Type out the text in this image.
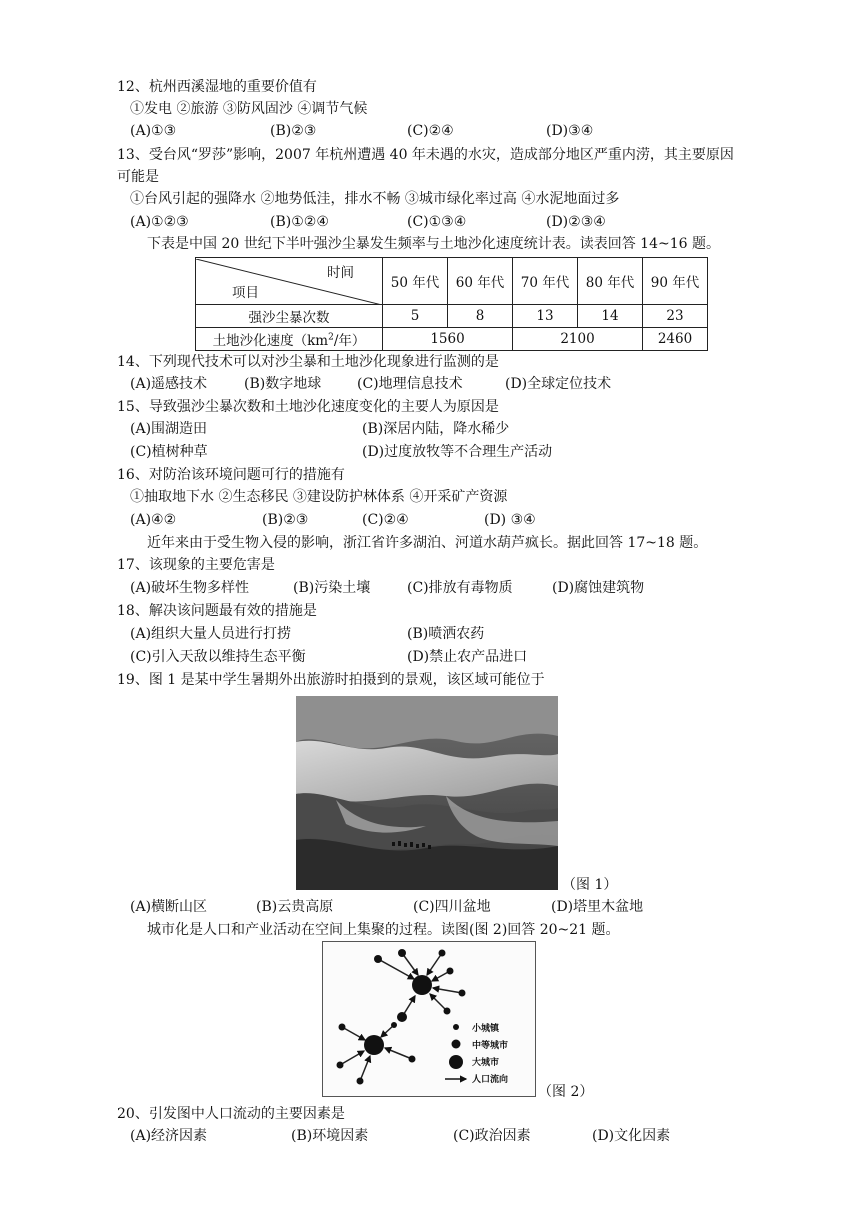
12、杭州西溪湿地的重要价值有
①发电 ②旅游 ③防风固沙 ④调节气候
(A)①③	(B)②③	(C)②④	(D)③④
13、受台风“罗莎”影响，2007 年杭州遭遇 40 年未遇的水灾，造成部分地区严重内涝，其主要原因
可能是
①台风引起的强降水 ②地势低洼，排水不畅 ③城市绿化率过高 ④水泥地面过多
(A)①②③	(B)①②④	(C)①③④	(D)②③④
下表是中国 20 世纪下半叶强沙尘暴发生频率与土地沙化速度统计表。读表回答 14~16 题。
时间
项目	50 年代	60 年代	70 年代	80 年代	90 年代
强沙尘暴次数	5	8	13	14	23
土地沙化速度（$km^2/$年）	1560		2100		2460
14、下列现代技术可以对沙尘暴和土地沙化现象进行监测的是
(A)遥感技术	(B)数字地球	(C)地理信息技术	(D)全球定位技术
15、导致强沙尘暴次数和土地沙化速度变化的主要人为原因是
(A)围湖造田	(B)深居内陆，降水稀少
(C)植树种草	(D)过度放牧等不合理生产活动
16、对防治该环境问题可行的措施有
①抽取地下水 ②生态移民 ③建设防护林体系 ④开采矿产资源
(A)④②	(B)②③	(C)②④	(D) ③④
近年来由于受生物入侵的影响，浙江省许多湖泊、河道水葫芦疯长。据此回答 17~18 题。
17、该现象的主要危害是
(A)破坏生物多样性	(B)污染土壤	(C)排放有毒物质	(D)腐蚀建筑物
18、解决该问题最有效的措施是
(A)组织大量人员进行打捞	(B)喷洒农药
(C)引入天敌以维持生态平衡	(D)禁止农产品进口
19、图 1 是某中学生暑期外出旅游时拍摄到的景观，该区域可能位于
（图 1）
(A)横断山区	(B)云贵高原	(C)四川盆地	(D)塔里木盆地
城市化是人口和产业活动在空间上集聚的过程。读图(图 2)回答 20~21 题。
小城镇
中等城市
大城市
人口流向
（图 2）
20、引发图中人口流动的主要因素是
(A)经济因素	(B)环境因素	(C)政治因素	(D)文化因素
